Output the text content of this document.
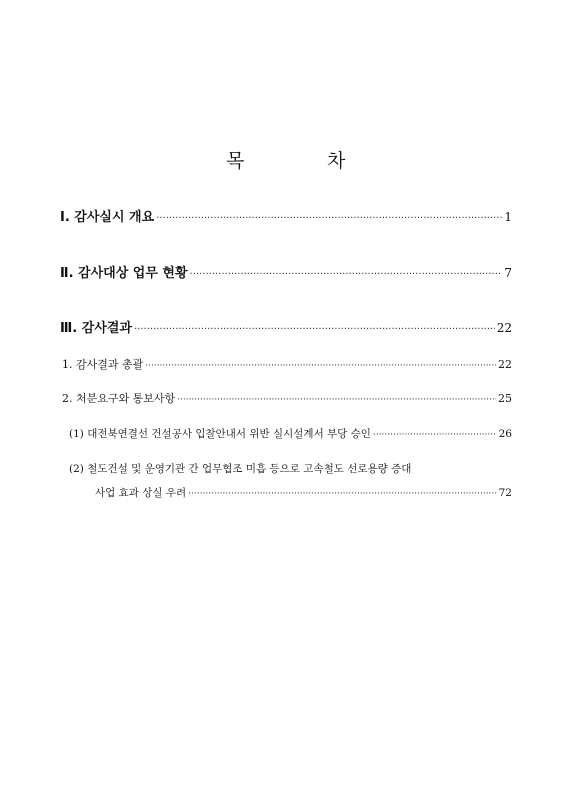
목	차
Ⅰ. 감사실시 개요 ·····	1
Ⅱ. 감사대상 업무 현황 ·····	7
Ⅲ. 감사결과 ·····	22
1. 감사결과 총괄 ·····	22
2. 처분요구와 통보사항 ·····	25
(1) 대전북연결선 건설공사 입찰안내서 위반 실시설계서 부당 승인 ·····	26
(2) 철도건설 및 운영기관 간 업무협조 미흡 등으로 고속철도 선로용량 증대
사업 효과 상실 우려 ·····	72
